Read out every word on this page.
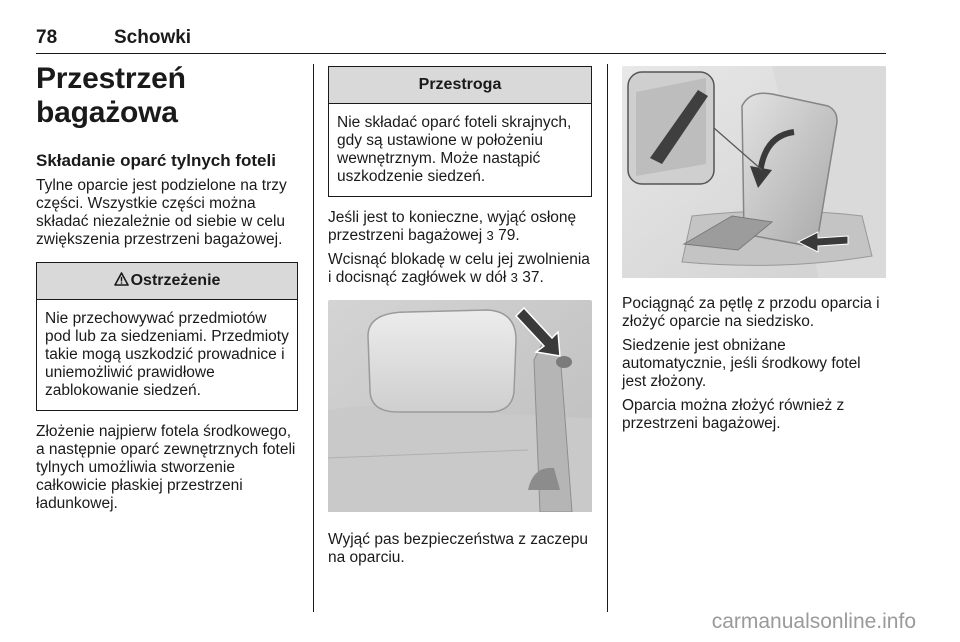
78	Schowki
Przestrzeń bagażowa
Składanie oparć tylnych foteli

Tylne oparcie jest podzielone na trzy części. Wszystkie części można składać niezależnie od siebie w celu zwiększenia przestrzeni bagażowej.

Ostrzeżenie

Nie przechowywać przedmiotów pod lub za siedzeniami. Przedmioty takie mogą uszkodzić prowadnice i uniemożliwić prawidłowe zablokowanie siedzeń.

Złożenie najpierw fotela środkowego, a następnie oparć zewnętrznych foteli tylnych umożliwia stworzenie całkowicie płaskiej przestrzeni ładunkowej.

Przestroga

Nie składać oparć foteli skrajnych, gdy są ustawione w położeniu wewnętrznym. Może nastąpić uszkodzenie siedzeń.

Jeśli jest to konieczne, wyjąć osłonę przestrzeni bagażowej 3 79.

Wcisnąć blokadę w celu jej zwolnienia i docisnąć zagłówek w dół 3 37.

Wyjąć pas bezpieczeństwa z zaczepu na oparciu.

Pociągnąć za pętlę z przodu oparcia i złożyć oparcie na siedzisko.

Siedzenie jest obniżane automatycznie, jeśli środkowy fotel jest złożony.

Oparcia można złożyć również z przestrzeni bagażowej.

carmanualsonline.info
